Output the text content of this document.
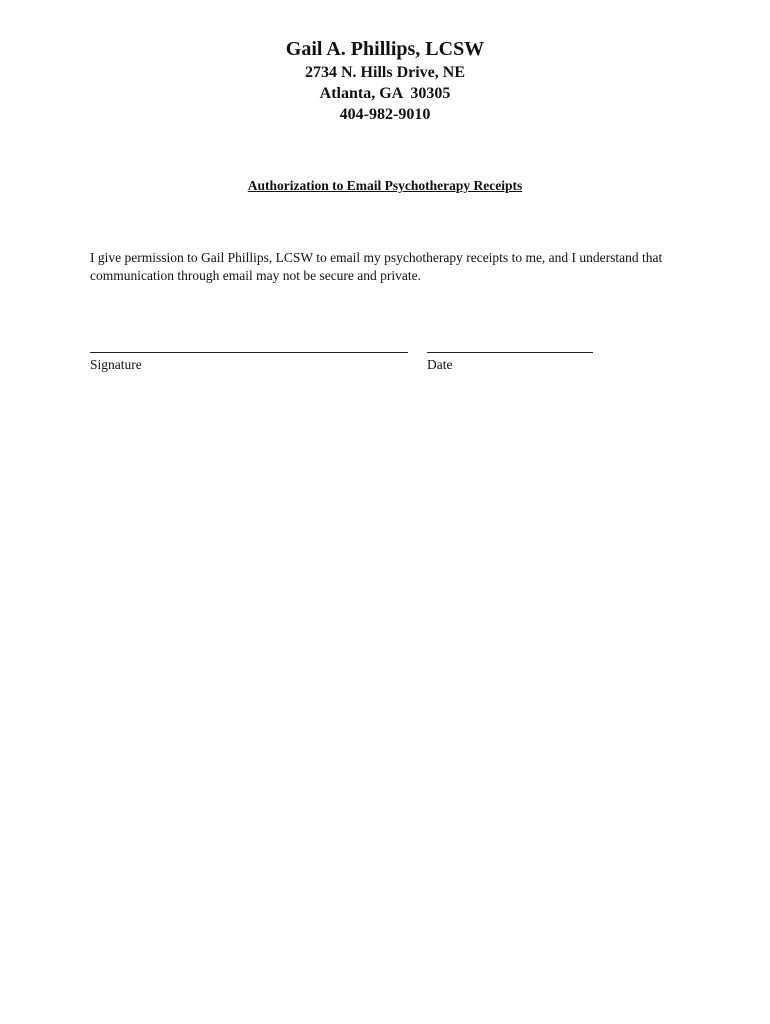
Gail A. Phillips, LCSW

2734 N. Hills Drive, NE

Atlanta, GA  30305

404-982-9010

Authorization to Email Psychotherapy Receipts

I give permission to Gail Phillips, LCSW to email my psychotherapy receipts to me, and I understand that communication through email may not be secure and private.

Signature	Date
